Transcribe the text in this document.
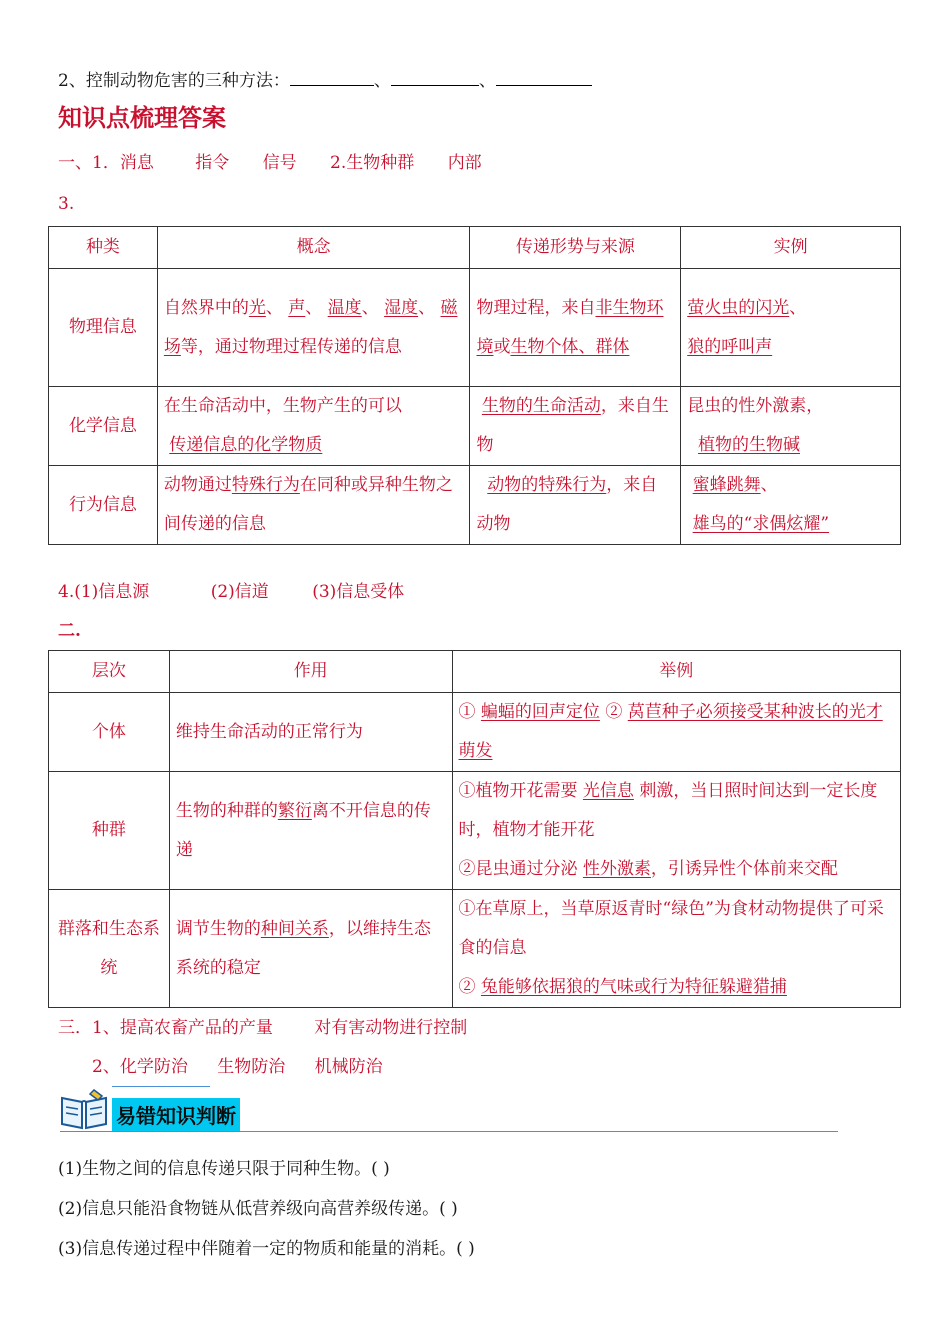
2、控制动物危害的三种方法：	、	、
知识点梳理答案
一、1．消息 指令 信号 2.生物种群 内部
3.
种类	概念	传递形势与来源	实例
物理信息	自然界中的光、 声、 温度、 湿度、 磁场等，通过物理过程传递的信息	物理过程，来自非生物环境或生物个体、群体	萤火虫的闪光、
狼的呼叫声
化学信息	在生命活动中，生物产生的可以
传递信息的化学物质	生物的生命活动，来自生物	昆虫的性外激素，
植物的生物碱
行为信息	动物通过特殊行为在同种或异种生物之间传递的信息	动物的特殊行为，来自动物	蜜蜂跳舞、
雄鸟的“求偶炫耀”
4.(1)信息源	(2)信道	(3)信息受体
二.
层次	作用	举例
个体	维持生命活动的正常行为	① 蝙蝠的回声定位 ② 莴苣种子必须接受某种波长的光才萌发
种群	生物的种群的繁衍离不开信息的传递	①植物开花需要 光信息 刺激，当日照时间达到一定长度时，植物才能开花
②昆虫通过分泌 性外激素，引诱异性个体前来交配
群落和生态系统	调节生物的种间关系，以维持生态系统的稳定	①在草原上，当草原返青时“绿色”为食材动物提供了可采食的信息
② 兔能够依据狼的气味或行为特征躲避猎捕
三．1、提高农畜产品的产量 对有害动物进行控制
2、化学防治 生物防治 机械防治
易错知识判断
(1)生物之间的信息传递只限于同种生物。( )
(2)信息只能沿食物链从低营养级向高营养级传递。( )
(3)信息传递过程中伴随着一定的物质和能量的消耗。( )
